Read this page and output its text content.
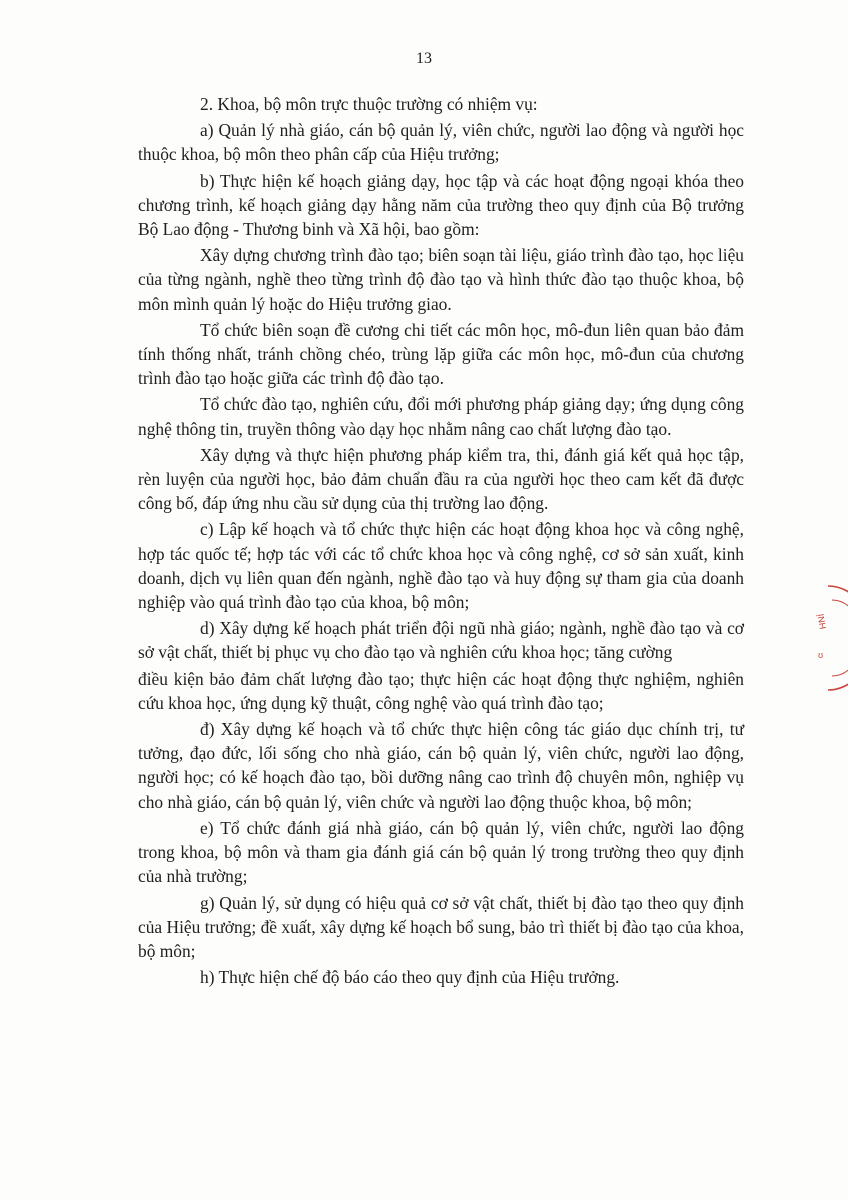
13

2. Khoa, bộ môn trực thuộc trường có nhiệm vụ:

a) Quản lý nhà giáo, cán bộ quản lý, viên chức, người lao động và người học thuộc khoa, bộ môn theo phân cấp của Hiệu trưởng;

b) Thực hiện kế hoạch giảng dạy, học tập và các hoạt động ngoại khóa theo chương trình, kế hoạch giảng dạy hằng năm của trường theo quy định của Bộ trưởng Bộ Lao động - Thương binh và Xã hội, bao gồm:

Xây dựng chương trình đào tạo; biên soạn tài liệu, giáo trình đào tạo, học liệu của từng ngành, nghề theo từng trình độ đào tạo và hình thức đào tạo thuộc khoa, bộ môn mình quản lý hoặc do Hiệu trưởng giao.

Tổ chức biên soạn đề cương chi tiết các môn học, mô-đun liên quan bảo đảm tính thống nhất, tránh chồng chéo, trùng lặp giữa các môn học, mô-đun của chương trình đào tạo hoặc giữa các trình độ đào tạo.

Tổ chức đào tạo, nghiên cứu, đổi mới phương pháp giảng dạy; ứng dụng công nghệ thông tin, truyền thông vào dạy học nhằm nâng cao chất lượng đào tạo.

Xây dựng và thực hiện phương pháp kiểm tra, thi, đánh giá kết quả học tập, rèn luyện của người học, bảo đảm chuẩn đầu ra của người học theo cam kết đã được công bố, đáp ứng nhu cầu sử dụng của thị trường lao động.

c) Lập kế hoạch và tổ chức thực hiện các hoạt động khoa học và công nghệ, hợp tác quốc tế; hợp tác với các tổ chức khoa học và công nghệ, cơ sở sản xuất, kinh doanh, dịch vụ liên quan đến ngành, nghề đào tạo và huy động sự tham gia của doanh nghiệp vào quá trình đào tạo của khoa, bộ môn;

d) Xây dựng kế hoạch phát triển đội ngũ nhà giáo; ngành, nghề đào tạo và cơ sở vật chất, thiết bị phục vụ cho đào tạo và nghiên cứu khoa học; tăng cường

điều kiện bảo đảm chất lượng đào tạo; thực hiện các hoạt động thực nghiệm, nghiên cứu khoa học, ứng dụng kỹ thuật, công nghệ vào quá trình đào tạo;

đ) Xây dựng kế hoạch và tổ chức thực hiện công tác giáo dục chính trị, tư tưởng, đạo đức, lối sống cho nhà giáo, cán bộ quản lý, viên chức, người lao động, người học; có kế hoạch đào tạo, bồi dưỡng nâng cao trình độ chuyên môn, nghiệp vụ cho nhà giáo, cán bộ quản lý, viên chức và người lao động thuộc khoa, bộ môn;

e) Tổ chức đánh giá nhà giáo, cán bộ quản lý, viên chức, người lao động trong khoa, bộ môn và tham gia đánh giá cán bộ quản lý trong trường theo quy định của nhà trường;

g) Quản lý, sử dụng có hiệu quả cơ sở vật chất, thiết bị đào tạo theo quy định của Hiệu trưởng; đề xuất, xây dựng kế hoạch bổ sung, bảo trì thiết bị đào tạo của khoa, bộ môn;

h) Thực hiện chế độ báo cáo theo quy định của Hiệu trưởng.

ỊNH
ʊ
